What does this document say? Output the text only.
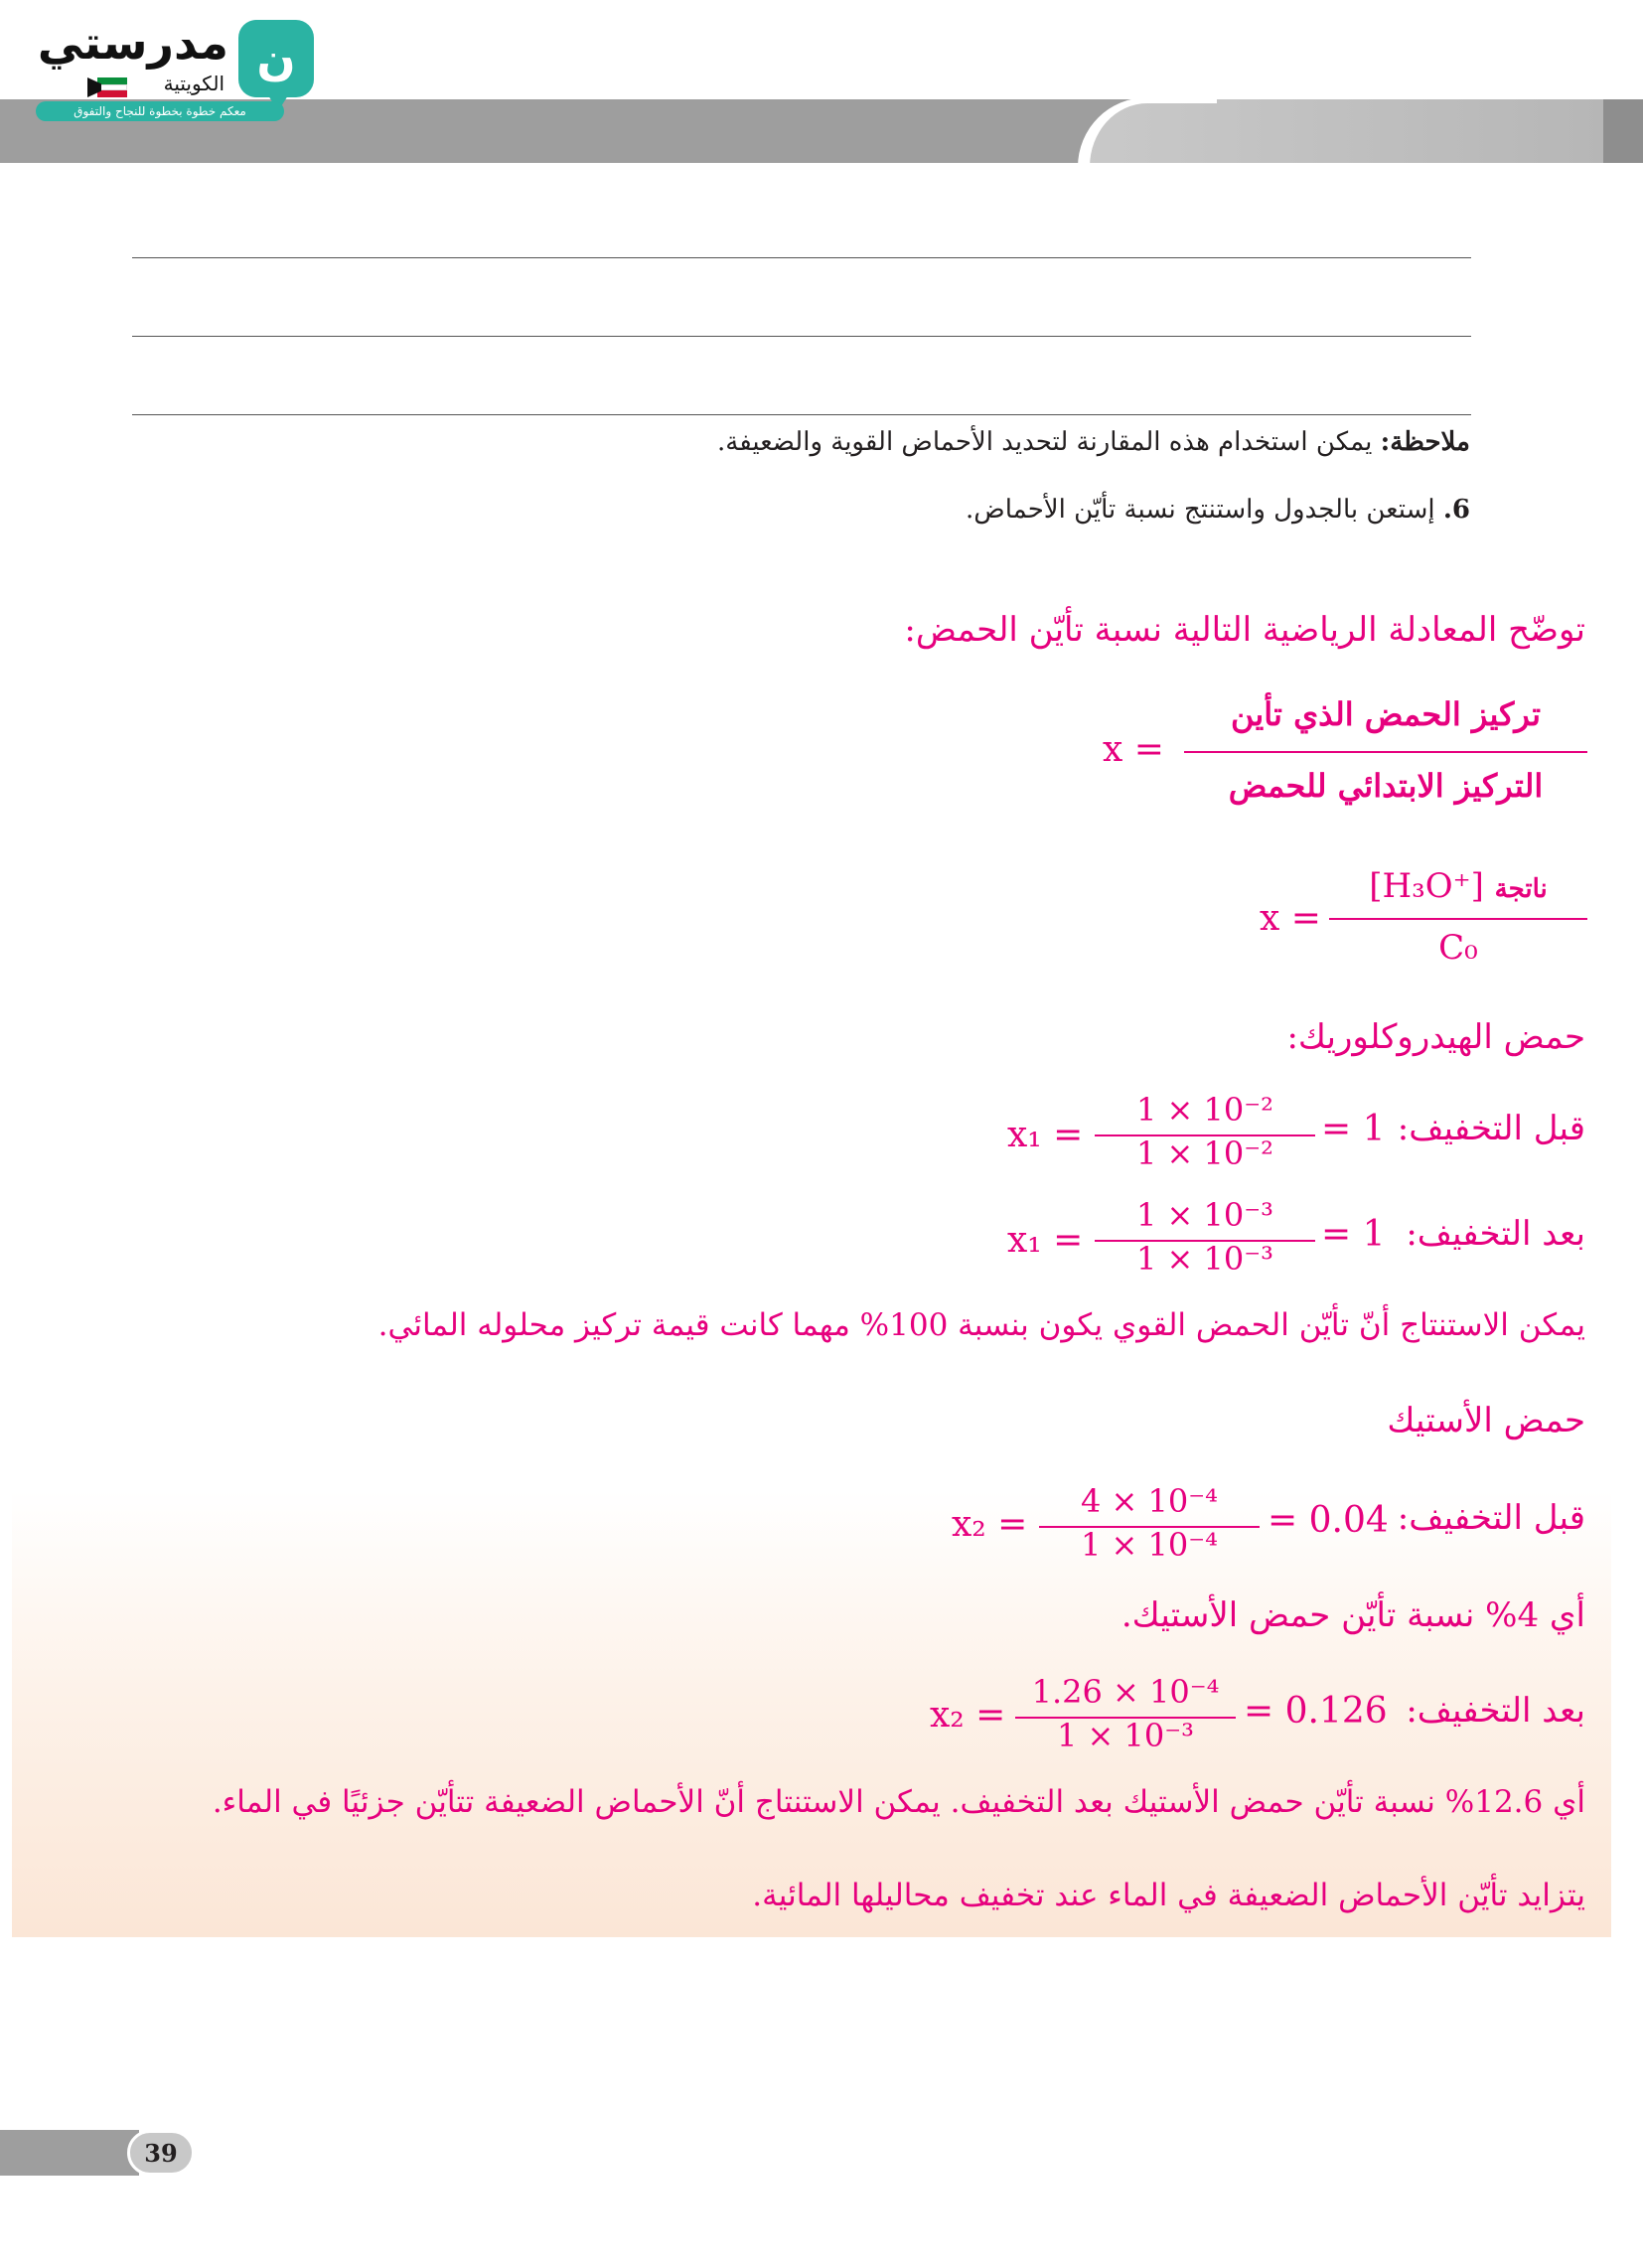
ن
مدرستي
الكويتية
معكم خطوة بخطوة للنجاح والتفوق
ملاحظة: يمكن استخدام هذه المقارنة لتحديد الأحماض القوية والضعيفة.
6. إستعن بالجدول واستنتج نسبة تأيّن الأحماض.
توضّح المعادلة الرياضية التالية نسبة تأيّن الحمض:
x =
تركيز الحمض الذي تأين
التركيز الابتدائي للحمض
x =
[H₃O⁺] ناتجة
C₀
حمض الهيدروكلوريك:
قبل التخفيف:
= 1
x₁ =
1 × 10⁻²
1 × 10⁻²
بعد التخفيف:
= 1
x₁ =
1 × 10⁻³
1 × 10⁻³
يمكن الاستنتاج أنّ تأيّن الحمض القوي يكون بنسبة 100% مهما كانت قيمة تركيز محلوله المائي.
حمض الأستيك
قبل التخفيف:
= 0.04
x₂ =
4 × 10⁻⁴
1 × 10⁻⁴
أي 4% نسبة تأيّن حمض الأستيك.
بعد التخفيف:
= 0.126
x₂ =
1.26 × 10⁻⁴
1 × 10⁻³
أي 12.6% نسبة تأيّن حمض الأستيك بعد التخفيف. يمكن الاستنتاج أنّ الأحماض الضعيفة تتأيّن جزئيًا في الماء.
يتزايد تأيّن الأحماض الضعيفة في الماء عند تخفيف محاليلها المائية.
39
